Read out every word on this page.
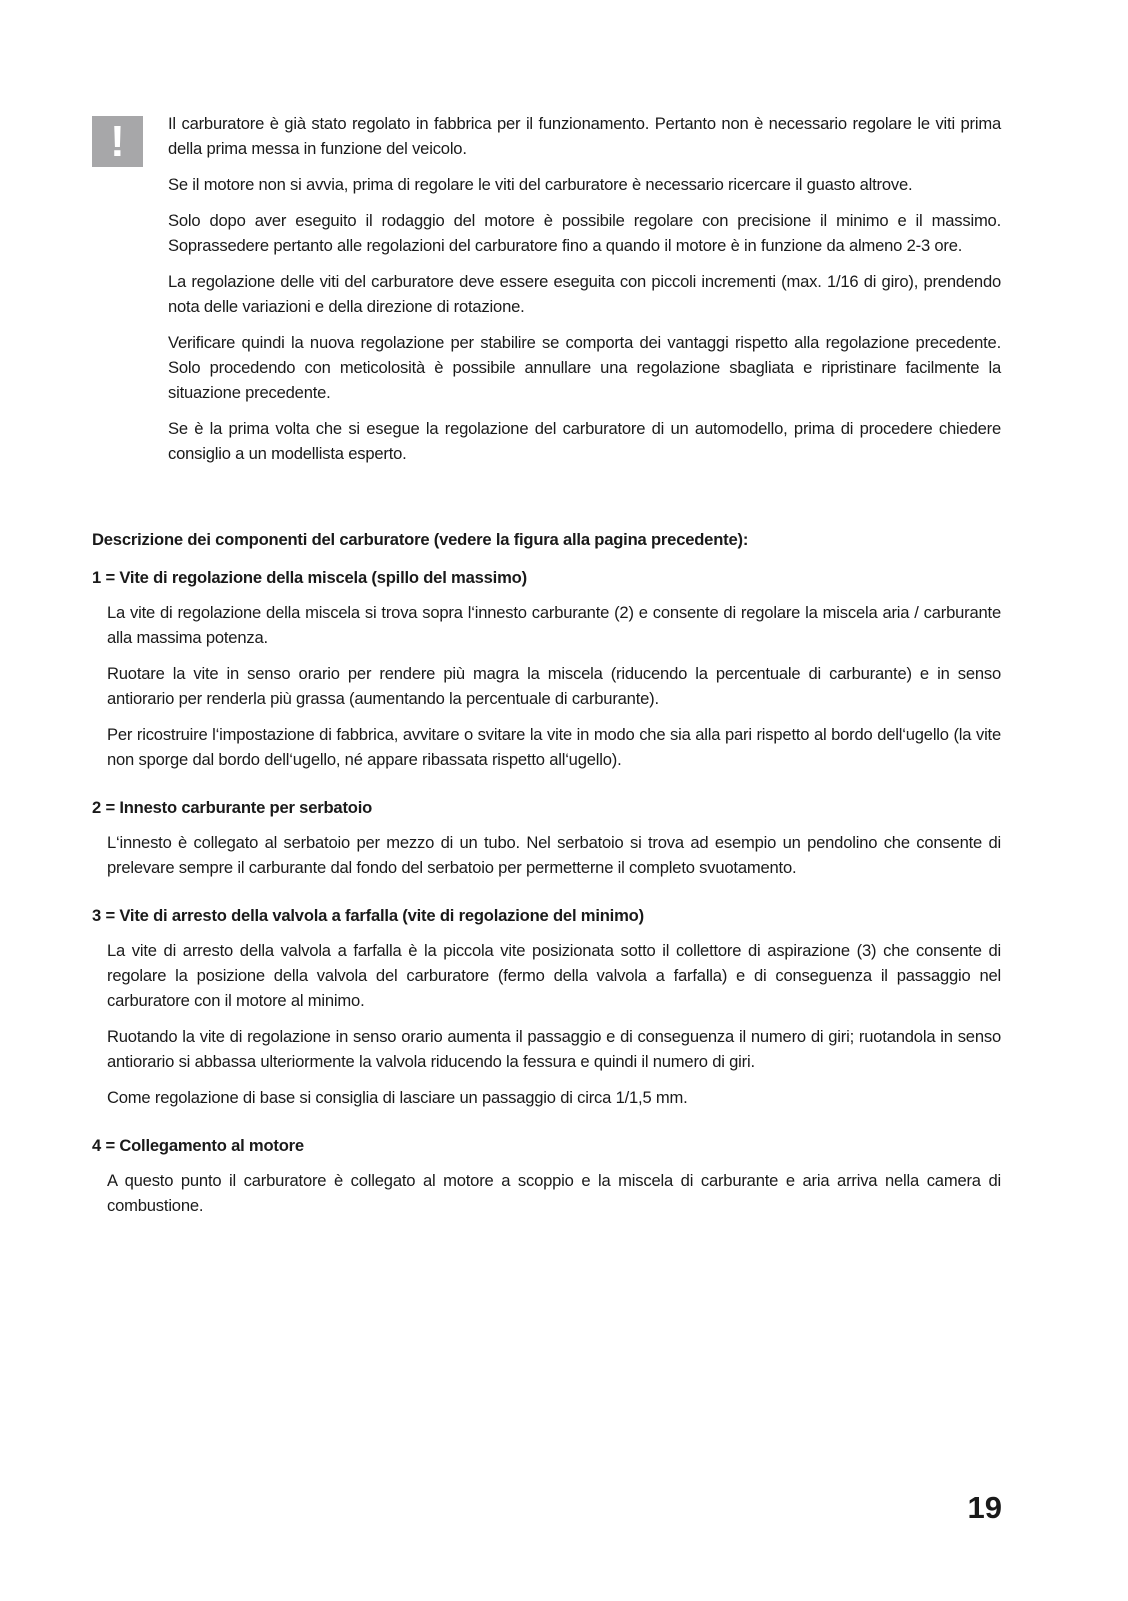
!	Il carburatore è già stato regolato in fabbrica per il funzionamento. Pertanto non è necessario regolare le viti prima della prima messa in funzione del veicolo.

Se il motore non si avvia, prima di regolare le viti del carburatore è necessario ricercare il guasto altrove.

Solo dopo aver eseguito il rodaggio del motore è possibile regolare con precisione il minimo e il massimo. Soprassedere pertanto alle regolazioni del carburatore fino a quando il motore è in funzione da almeno 2-3 ore.

La regolazione delle viti del carburatore deve essere eseguita con piccoli incrementi (max. 1/16 di giro), prendendo nota delle variazioni e della direzione di rotazione.

Verificare quindi la nuova regolazione per stabilire se comporta dei vantaggi rispetto alla regolazione precedente. Solo procedendo con meticolosità è possibile annullare una regolazione sbagliata e ripristinare facilmente la situazione precedente.

Se è la prima volta che si esegue la regolazione del carburatore di un automodello, prima di procedere chiedere consiglio a un modellista esperto.

Descrizione dei componenti del carburatore (vedere la figura alla pagina precedente):
1 = Vite di regolazione della miscela (spillo del massimo)

La vite di regolazione della miscela si trova sopra l‘innesto carburante (2) e consente di regolare la miscela aria / carburante alla massima potenza.

Ruotare la vite in senso orario per rendere più magra la miscela (riducendo la percentuale di carburante) e in senso antiorario per renderla più grassa (aumentando la percentuale di carburante).

Per ricostruire l‘impostazione di fabbrica, avvitare o svitare la vite in modo che sia alla pari rispetto al bordo dell‘ugello (la vite non sporge dal bordo dell‘ugello, né appare ribassata rispetto all‘ugello).

2 = Innesto carburante per serbatoio

L‘innesto è collegato al serbatoio per mezzo di un tubo. Nel serbatoio si trova ad esempio un pendolino che consente di prelevare sempre il carburante dal fondo del serbatoio per permetterne il completo svuotamento.

3 = Vite di arresto della valvola a farfalla (vite di regolazione del minimo)

La vite di arresto della valvola a farfalla è la piccola vite posizionata sotto il collettore di aspirazione (3) che consente di regolare la posizione della valvola del carburatore (fermo della valvola a farfalla) e di conseguenza il passaggio nel carburatore con il motore al minimo.

Ruotando la vite di regolazione in senso orario aumenta il passaggio e di conseguenza il numero di giri; ruotandola in senso antiorario si abbassa ulteriormente la valvola riducendo la fessura e quindi il numero di giri.

Come regolazione di base si consiglia di lasciare un passaggio di circa 1/1,5 mm.

4 = Collegamento al motore

A questo punto il carburatore è collegato al motore a scoppio e la miscela di carburante e aria arriva nella camera di combustione.

19
